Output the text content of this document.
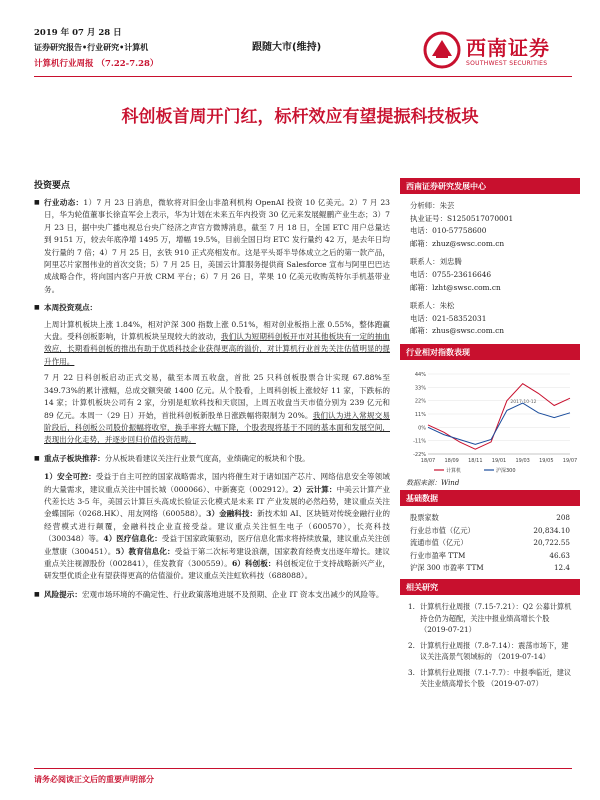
2019 年 07 月 28 日
证券研究报告•行业研究•计算机
计算机行业周报 （7.22-7.28）
跟随大市(维持)	西南证券
SOUTHWEST SECURITIES
科创板首周开门红，标杆效应有望提振科技板块
投资要点
■ 行业动态：1）7 月 23 日消息，微软将对旧金山非盈利机构 OpenAI 投资 10 亿美元。2）7 月 23 日，华为轮值董事长徐直军会上表示，华为计划在未来五年内投资 30 亿元来发展鲲鹏产业生态；3）7 月 23 日，据中央广播电视总台央广经济之声官方微博消息，截至 7 月 18 日，全国 ETC 用户总量达到 9151 万，较去年底净增 1495 万，增幅 19.5%，目前全国日均 ETC 发行量约 42 万，是去年日均发行量的 7 倍；4）7 月 25 日，玄铁 910 正式亮相发布。这是平头哥半导体成立之后的第一款产品，阿里芯片家图伟业的首次交货；5）7 月 25 日，美国云计算服务提供商 Salesforce 宣布与阿里巴巴达成战略合作，将向国内客户开放 CRM 平台；6）7 月 26 日，苹果 10 亿美元收购英特尔手机基带业务。
■ 本周投资观点：
上周计算机板块上涨 1.84%，相对沪深 300 指数上涨 0.51%，相对创业板指上涨 0.55%，整体跑赢大盘。受科创板影响，计算机板块呈现较大的波动，我们认为短期科创板开市对其他板块有一定的抽血效应，长期看科创板的推出有助于优质科技企业获得更高的溢价，对计算机行业首先关注估值明显的提升作用。
7 月 22 日科创板启动正式交易，截至本周五收盘，首批 25 只科创板股票合计实现 67.88%至 349.73%的累计涨幅，总成交额突破 1400 亿元。从个股看，上周科创板上涨较好 11 家，下跌标的 14 家；计算机板块公司有 2 家，分别是虹软科技和天宸国，上周五收盘当天市值分别为 239 亿元和 89 亿元。本周一（29 日）开始，首批科创板新股单日涨跌幅将限制为 20%。我们认为进入常规交易阶段后，科创板公司股价振幅将收窄，换手率将大幅下降，个股表现将基于不同的基本面和发展空间，表现出分化走势，并逐步回归价值投资范畴。
■ 重点子板块推荐：分从板块看建议关注行业景气度高，业绩确定的板块和个股。
1）安全可控：受益于自主可控的国家战略需求，国内将催生对于诸如国产芯片、网络信息安全等领域的大量需求，建议重点关注中国长城（000066）、中新赛克（002912）。2）云计算：中美云计算产业代差长达 3-5 年，美国云计算巨头高成长验证云化模式是未来 IT 产业发展的必然趋势，建议重点关注金蝶国际（0268.HK）、用友网络（600588）。3）金融科技：新技术如 AI、区块链对传统金融行业的经营模式进行颠覆，金融科技企业直接受益。建议重点关注恒生电子（600570），长亮科技（300348）等。4）医疗信息化：受益于国家政策驱动，医疗信息化需求将持续放量，建议重点关注创业慧康（300451）。5）教育信息化：受益于第二次标考建设浪潮，国家教育经费支出逐年增长。建议重点关注视源股份（002841），佳发教育（300559）。6）科创板：科创板定位于支持战略新兴产业，研发型优质企业有望获得更高的估值溢价。建议重点关注虹软科技（688088）。
■ 风险提示：宏观市场环境的不确定性、行业政策落地进展不及预期、企业 IT 资本支出减少的风险等。
西南证券研究发展中心
分析师：朱芸
执业证号：S1250517070001
电话：010-57758600
邮箱：zhuz@swsc.com.cn
联系人：刘忠腾
电话：0755-23616646
邮箱：lzht@swsc.com.cn
联系人：朱松
电话：021-58352031
邮箱：zhus@swsc.com.cn
行业相对指数表现
44%
33%
22%
11%
0%
-11%
-22%
18/07 18/09 18/11 19/01 19/03 19/05 19/07
2017-10-12
计算机	沪深300
数据来源：Wind
基础数据
股票家数	208
行业总市值（亿元）	20,834.10
流通市值（亿元）	20,722.55
行业市盈率 TTM	46.63
沪深 300 市盈率 TTM	12.4
相关研究
1. 计算机行业周报（7.15-7.21）：Q2 公募计算机持仓仍为超配，关注中报业绩高增长个股 （2019-07-21）
2. 计算机行业周报（7.8-7.14）：震荡市场下，建议关注高景气领域标的 （2019-07-14）
3. 计算机行业周报（7.1-7.7）：中报季临近，建议关注业绩高增长个股 （2019-07-07）
请务必阅读正文后的重要声明部分
